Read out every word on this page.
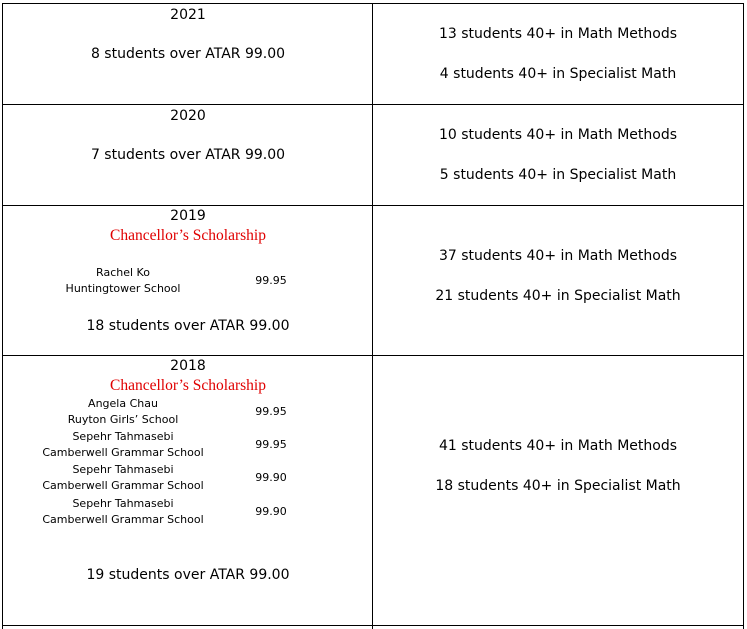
2021
8 students over ATAR 99.00
13 students 40+ in Math Methods
4 students 40+ in Specialist Math
2020
7 students over ATAR 99.00
10 students 40+ in Math Methods
5 students 40+ in Specialist Math
2019
Chancellor’s Scholarship
Rachel Ko
Huntingtower School
99.95
18 students over ATAR 99.00
37 students 40+ in Math Methods
21 students 40+ in Specialist Math
2018
Chancellor’s Scholarship
Angela Chau
Ruyton Girls’ School
99.95
Sepehr Tahmasebi
Camberwell Grammar School
99.95
Sepehr Tahmasebi
Camberwell Grammar School
99.90
Sepehr Tahmasebi
Camberwell Grammar School
99.90
19 students over ATAR 99.00
41 students 40+ in Math Methods
18 students 40+ in Specialist Math
